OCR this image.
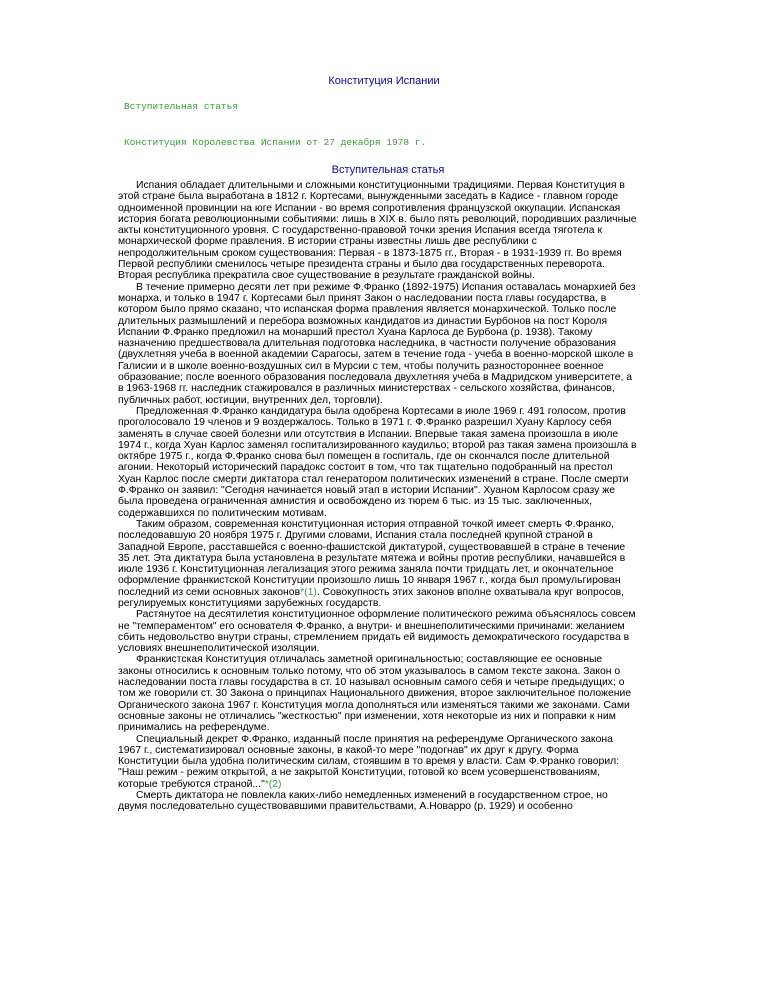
Конституция Испании
Вступительная статья
Конституция Королевства Испании от 27 декабря 1978 г.
Вступительная статья

Испания обладает длительными и сложными конституционными традициями. Первая Конституция в этой стране была выработана в 1812 г. Кортесами, вынужденными заседать в Кадисе - главном городе одноименной провинции на юге Испании - во время сопротивления французской оккупации. Испанская история богата революционными событиями: лишь в XIX в. было пять революций, породивших различные акты конституционного уровня. С государственно-правовой точки зрения Испания всегда тяготела к монархической форме правления. В истории страны известны лишь две республики с непродолжительным сроком существования: Первая - в 1873-1875 гг., Вторая - в 1931-1939 гг. Во время Первой республики сменилось четыре президента страны и было два государственных переворота. Вторая республика прекратила свое существование в результате гражданской войны.

В течение примерно десяти лет при режиме Ф.Франко (1892-1975) Испания оставалась монархией без монарха, и только в 1947 г. Кортесами был принят Закон о наследовании поста главы государства, в котором было прямо сказано, что испанская форма правления является монархической. Только после длительных размышлений и перебора возможных кандидатов из династии Бурбонов на пост Короля Испании Ф.Франко предложил на монарший престол Хуана Карлоса де Бурбона (р. 1938). Такому назначению предшествовала длительная подготовка наследника, в частности получение образования (двухлетняя учеба в военной академии Сарагосы, затем в течение года - учеба в военно-морской школе в Галисии и в школе военно-воздушных сил в Мурсии с тем, чтобы получить разностороннее военное образование; после военного образования последовала двухлетняя учеба в Мадридском университете, а в 1963-1968 гг. наследник стажировался в различных министерствах - сельского хозяйства, финансов, публичных работ, юстиции, внутренних дел, торговли).

Предложенная Ф.Франко кандидатура была одобрена Кортесами в июле 1969 г. 491 голосом, против проголосовало 19 членов и 9 воздержалось. Только в 1971 г. Ф.Франко разрешил Хуану Карлосу себя заменять в случае своей болезни или отсутствия в Испании. Впервые такая замена произошла в июле 1974 г., когда Хуан Карлос заменял госпитализированного каудильо; второй раз такая замена произошла в октябре 1975 г., когда Ф.Франко снова был помещен в госпиталь, где он скончался после длительной агонии. Некоторый исторический парадокс состоит в том, что так тщательно подобранный на престол Хуан Карлос после смерти диктатора стал генератором политических изменений в стране. После смерти Ф.Франко он заявил: "Сегодня начинается новый этап в истории Испании". Хуаном Карлосом сразу же была проведена ограниченная амнистия и освобождено из тюрем 6 тыс. из 15 тыс. заключенных, содержавшихся по политическим мотивам.

Таким образом, современная конституционная история отправной точкой имеет смерть Ф.Франко, последовавшую 20 ноября 1975 г. Другими словами, Испания стала последней крупной страной в Западной Европе, расставшейся с военно-фашистской диктатурой, существовавшей в стране в течение 35 лет. Эта диктатура была установлена в результате мятежа и войны против республики, начавшейся в июле 1936 г. Конституционная легализация этого режима заняла почти тридцать лет, и окончательное оформление франкистской Конституции произошло лишь 10 января 1967 г., когда был промульгирован последний из семи основных законов*(1). Совокупность этих законов вполне охватывала круг вопросов, регулируемых конституциями зарубежных государств.

Растянутое на десятилетия конституционное оформление политического режима объяснялось совсем не "темпераментом" его основателя Ф.Франко, а внутри- и внешнеполитическими причинами: желанием сбить недовольство внутри страны, стремлением придать ей видимость демократического государства в условиях внешнеполитической изоляции.

Франкистская Конституция отличалась заметной оригинальностью; составляющие ее основные законы относились к основным только потому, что об этом указывалось в самом тексте закона. Закон о наследовании поста главы государства в ст. 10 называл основным самого себя и четыре предыдущих; о том же говорили ст. 30 Закона о принципах Национального движения, второе заключительное положение Органического закона 1967 г. Конституция могла дополняться или изменяться такими же законами. Сами основные законы не отличались "жесткостью" при изменении, хотя некоторые из них и поправки к ним принимались на референдуме.

Специальный декрет Ф.Франко, изданный после принятия на референдуме Органического закона 1967 г., систематизировал основные законы, в какой-то мере "подогнав" их друг к другу. Форма Конституции была удобна политическим силам, стоявшим в то время у власти. Сам Ф.Франко говорил: "Наш режим - режим открытой, а не закрытой Конституции, готовой ко всем усовершенствованиям, которые требуются страной..."*(2)

Смерть диктатора не повлекла каких-либо немедленных изменений в государственном строе, но двумя последовательно существовавшими правительствами, А.Новарро (р. 1929) и особенно
